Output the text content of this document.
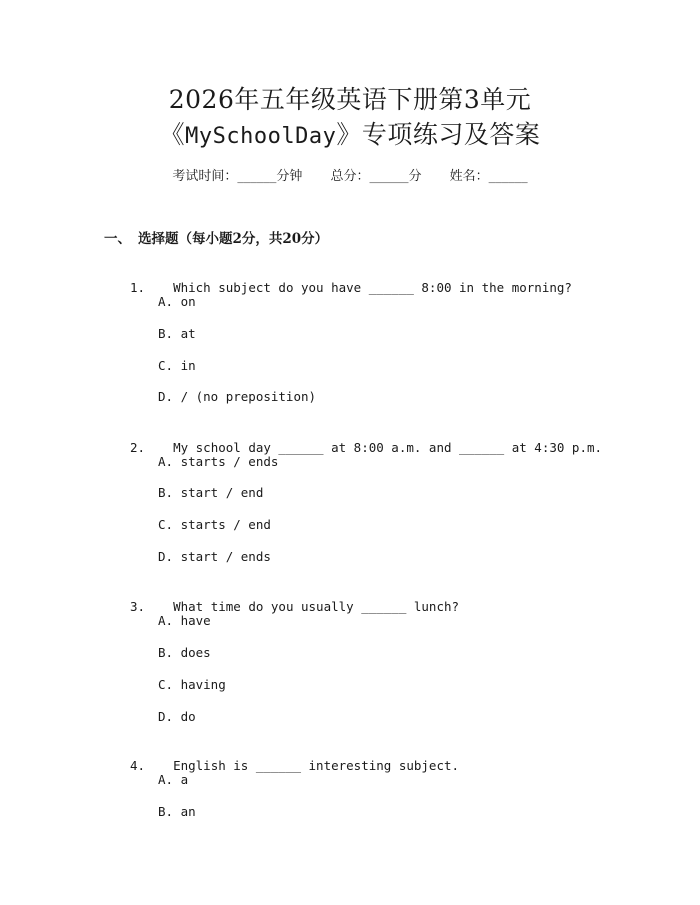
2026年五年级英语下册第3单元
《MySchoolDay》专项练习及答案
考试时间：______分钟 总分：______分 姓名：______
一、 选择题（每小题2分，共20分）

1. Which subject do you have ______ 8:00 in the morning?

A. on
B. at
C. in
D. / (no preposition)

2. My school day ______ at 8:00 a.m. and ______ at 4:30 p.m.

A. starts / ends
B. start / end
C. starts / end
D. start / ends

3. What time do you usually ______ lunch?

A. have
B. does
C. having
D. do

4. English is ______ interesting subject.

A. a
B. an
